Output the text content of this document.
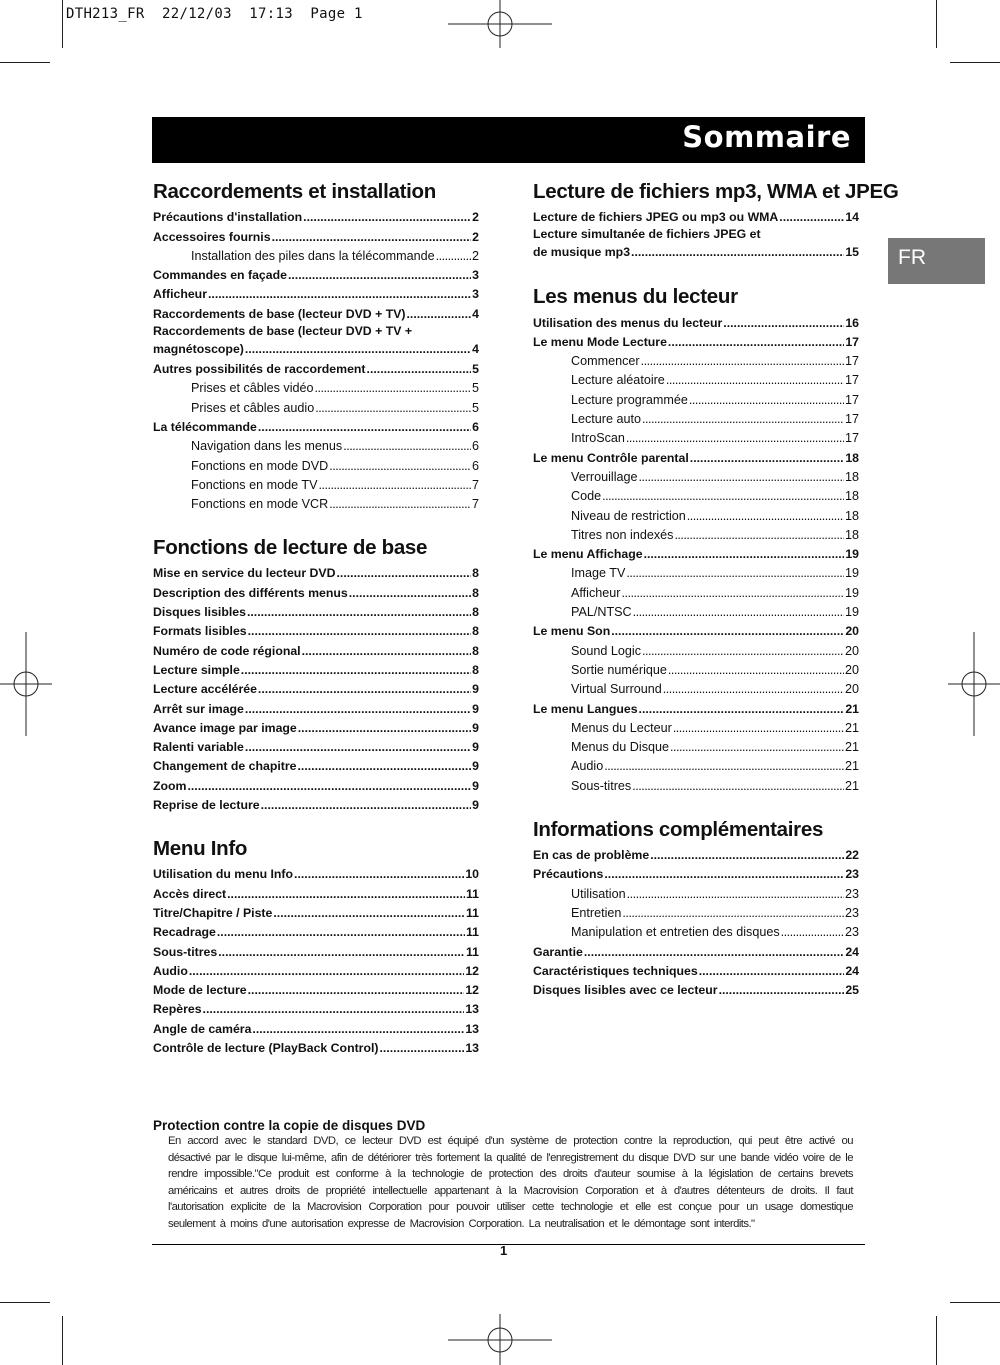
DTH213_FR  22/12/03  17:13  Page 1
Sommaire
FR
Raccordements et installation
Précautions d'installation .....	2
Accessoires fournis .....	2
Installation des piles dans la télécommande .....	2
Commandes en façade .....	3
Afficheur .....	3
Raccordements de base (lecteur DVD + TV) .....	4
Raccordements de base (lecteur DVD + TV +
magnétoscope) .....	4
Autres possibilités de raccordement .....	5
Prises et câbles vidéo .....	5
Prises et câbles audio .....	5
La télécommande .....	6
Navigation dans les menus .....	6
Fonctions en mode DVD .....	6
Fonctions en mode TV .....	7
Fonctions en mode VCR .....	7
Fonctions de lecture de base
Mise en service du lecteur DVD .....	8
Description des différents menus .....	8
Disques lisibles .....	8
Formats lisibles .....	8
Numéro de code régional .....	8
Lecture simple .....	8
Lecture accélérée .....	9
Arrêt sur image .....	9
Avance image par image .....	9
Ralenti variable .....	9
Changement de chapitre .....	9
Zoom .....	9
Reprise de lecture .....	9
Menu Info
Utilisation du menu Info .....	10
Accès direct .....	11
Titre/Chapitre / Piste .....	11
Recadrage .....	11
Sous-titres .....	11
Audio .....	12
Mode de lecture .....	12
Repères .....	13
Angle de caméra .....	13
Contrôle de lecture (PlayBack Control) .....	13
Lecture de fichiers mp3, WMA et JPEG
Lecture de fichiers JPEG ou mp3 ou WMA .....	14
Lecture simultanée de fichiers JPEG et
de musique mp3 .....	15
Les menus du lecteur
Utilisation des menus du lecteur .....	16
Le menu Mode Lecture .....	17
Commencer .....	17
Lecture aléatoire .....	17
Lecture programmée .....	17
Lecture auto .....	17
IntroScan .....	17
Le menu Contrôle parental .....	18
Verrouillage .....	18
Code .....	18
Niveau de restriction .....	18
Titres non indexés .....	18
Le menu Affichage .....	19
Image TV .....	19
Afficheur .....	19
PAL/NTSC .....	19
Le menu Son .....	20
Sound Logic .....	20
Sortie numérique .....	20
Virtual Surround .....	20
Le menu Langues .....	21
Menus du Lecteur .....	21
Menus du Disque .....	21
Audio .....	21
Sous-titres .....	21
Informations complémentaires
En cas de problème .....	22
Précautions .....	23
Utilisation .....	23
Entretien .....	23
Manipulation et entretien des disques .....	23
Garantie .....	24
Caractéristiques techniques .....	24
Disques lisibles avec ce lecteur .....	25
Protection contre la copie de disques DVD

En accord avec le standard DVD, ce lecteur DVD est équipé d'un système de protection contre la reproduction, qui peut être activé ou désactivé par le disque lui-même, afin de détériorer très fortement la qualité de l'enregistrement du disque DVD sur une bande vidéo voire de le rendre impossible."Ce produit est conforme à la technologie de protection des droits d'auteur soumise à la législation de certains brevets américains et autres droits de propriété intellectuelle appartenant à la Macrovision Corporation et à d'autres détenteurs de droits. Il faut l'autorisation explicite de la Macrovision Corporation pour pouvoir utiliser cette technologie et elle est conçue pour un usage domestique seulement à moins d'une autorisation expresse de Macrovision Corporation. La neutralisation et le démontage sont interdits."

1
